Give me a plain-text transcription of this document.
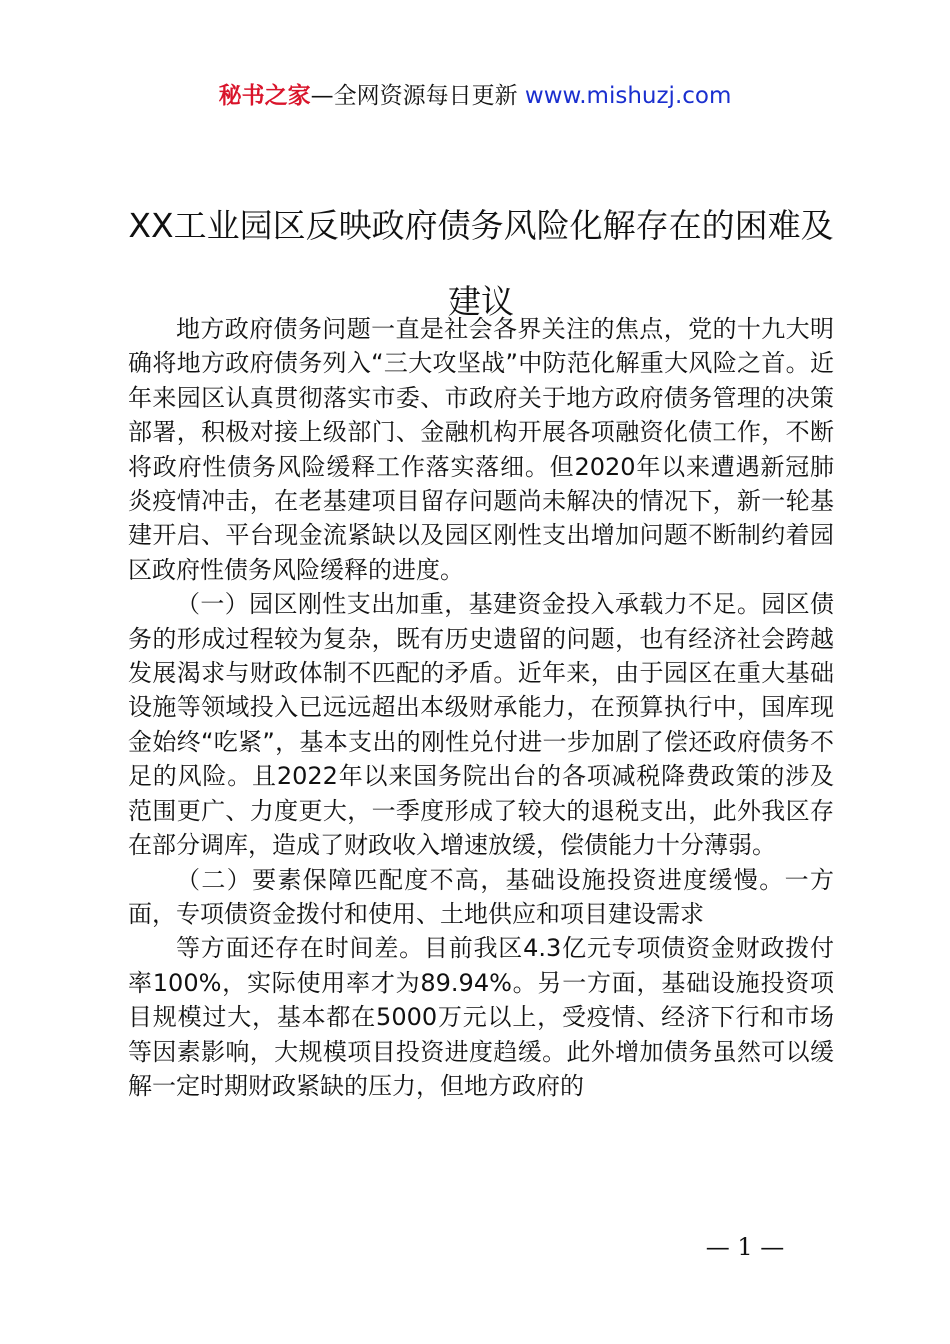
秘书之家—全网资源每日更新 www.mishuzj.com
XX工业园区反映政府债务风险化解存在的困难及建议

地方政府债务问题一直是社会各界关注的焦点，党的十九大明确将地方政府债务列入“三大攻坚战”中防范化解重大风险之首。近年来园区认真贯彻落实市委、市政府关于地方政府债务管理的决策部署，积极对接上级部门、金融机构开展各项融资化债工作，不断将政府性债务风险缓释工作落实落细。但2020年以来遭遇新冠肺炎疫情冲击，在老基建项目留存问题尚未解决的情况下，新一轮基建开启、平台现金流紧缺以及园区刚性支出增加问题不断制约着园区政府性债务风险缓释的进度。

（一）园区刚性支出加重，基建资金投入承载力不足。园区债务的形成过程较为复杂，既有历史遗留的问题，也有经济社会跨越发展渴求与财政体制不匹配的矛盾。近年来，由于园区在重大基础设施等领域投入已远远超出本级财承能力，在预算执行中，国库现金始终“吃紧”，基本支出的刚性兑付进一步加剧了偿还政府债务不足的风险。且2022年以来国务院出台的各项减税降费政策的涉及范围更广、力度更大，一季度形成了较大的退税支出，此外我区存在部分调库，造成了财政收入增速放缓，偿债能力十分薄弱。

（二）要素保障匹配度不高，基础设施投资进度缓慢。一方面，专项债资金拨付和使用、土地供应和项目建设需求

等方面还存在时间差。目前我区4.3亿元专项债资金财政拨付率100%，实际使用率才为89.94%。另一方面，基础设施投资项目规模过大，基本都在5000万元以上，受疫情、经济下行和市场等因素影响，大规模项目投资进度趋缓。此外增加债务虽然可以缓解一定时期财政紧缺的压力，但地方政府的

— 1 —
